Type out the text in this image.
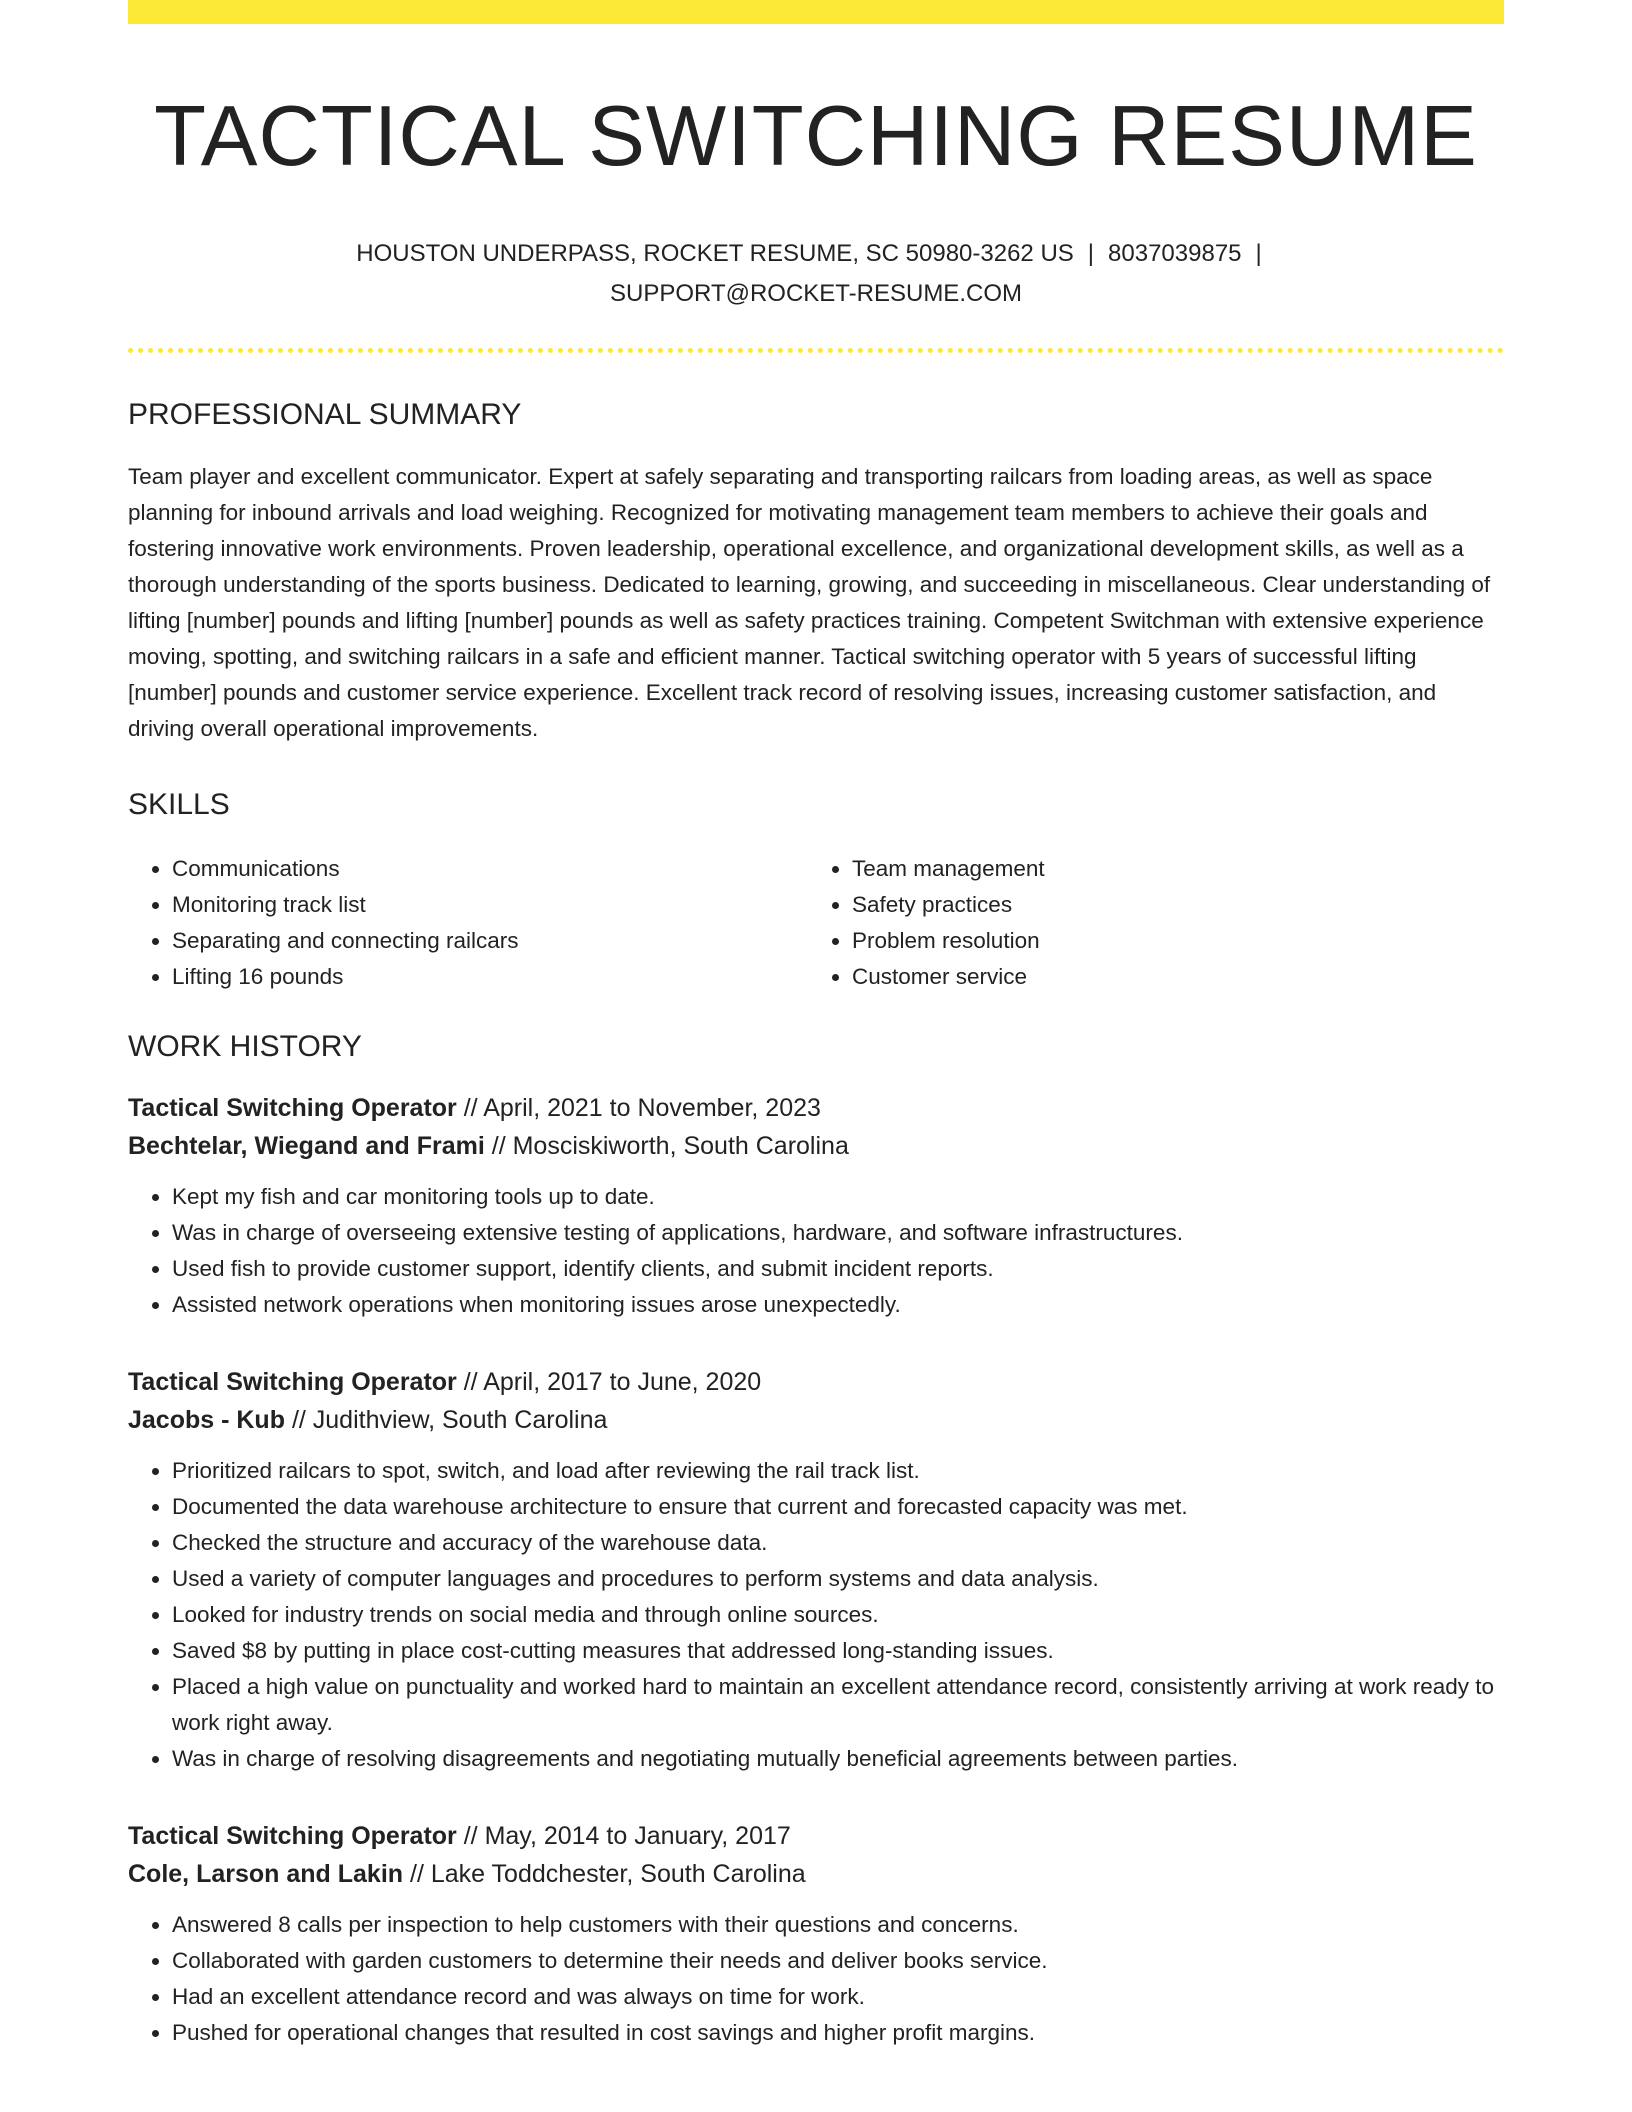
TACTICAL SWITCHING RESUME
HOUSTON UNDERPASS, ROCKET RESUME, SC 50980-3262 US | 8037039875 |
SUPPORT@ROCKET-RESUME.COM
PROFESSIONAL SUMMARY

Team player and excellent communicator. Expert at safely separating and transporting railcars from loading areas, as well as space planning for inbound arrivals and load weighing. Recognized for motivating management team members to achieve their goals and fostering innovative work environments. Proven leadership, operational excellence, and organizational development skills, as well as a thorough understanding of the sports business. Dedicated to learning, growing, and succeeding in miscellaneous. Clear understanding of lifting [number] pounds and lifting [number] pounds as well as safety practices training. Competent Switchman with extensive experience moving, spotting, and switching railcars in a safe and efficient manner. Tactical switching operator with 5 years of successful lifting [number] pounds and customer service experience. Excellent track record of resolving issues, increasing customer satisfaction, and driving overall operational improvements.

SKILLS
• Communications
• Monitoring track list
• Separating and connecting railcars
• Lifting 16 pounds
• Team management
• Safety practices
• Problem resolution
• Customer service
WORK HISTORY
Tactical Switching Operator // April, 2021 to November, 2023
Bechtelar, Wiegand and Frami // Mosciskiworth, South Carolina
• Kept my fish and car monitoring tools up to date.
• Was in charge of overseeing extensive testing of applications, hardware, and software infrastructures.
• Used fish to provide customer support, identify clients, and submit incident reports.
• Assisted network operations when monitoring issues arose unexpectedly.
Tactical Switching Operator // April, 2017 to June, 2020
Jacobs - Kub // Judithview, South Carolina
• Prioritized railcars to spot, switch, and load after reviewing the rail track list.
• Documented the data warehouse architecture to ensure that current and forecasted capacity was met.
• Checked the structure and accuracy of the warehouse data.
• Used a variety of computer languages and procedures to perform systems and data analysis.
• Looked for industry trends on social media and through online sources.
• Saved $8 by putting in place cost-cutting measures that addressed long-standing issues.
• Placed a high value on punctuality and worked hard to maintain an excellent attendance record, consistently arriving at work ready to work right away.
• Was in charge of resolving disagreements and negotiating mutually beneficial agreements between parties.
Tactical Switching Operator // May, 2014 to January, 2017
Cole, Larson and Lakin // Lake Toddchester, South Carolina
• Answered 8 calls per inspection to help customers with their questions and concerns.
• Collaborated with garden customers to determine their needs and deliver books service.
• Had an excellent attendance record and was always on time for work.
• Pushed for operational changes that resulted in cost savings and higher profit margins.
